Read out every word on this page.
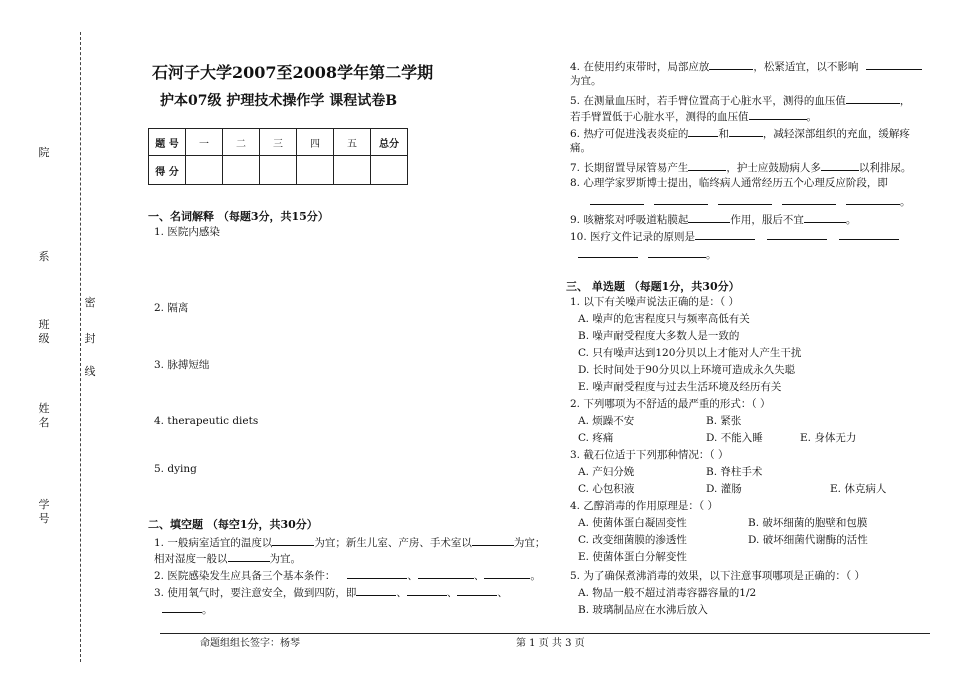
院
系
班级
姓名
学号
密
封
线
石河子大学2007至2008学年第二学期
护本07级 护理技术操作学 课程试卷B
题 号	一	二	三	四	五	总分
得 分						
一、名词解释 （每题3分，共15分）
1. 医院内感染
2. 隔离
3. 脉搏短绌
4. therapeutic diets
5. dying
二、填空题 （每空1分，共30分）
1. 一般病室适宜的温度以	为宜；新生儿室、产房、手术室以	为宜；
相对湿度一般以	为宜。
2. 医院感染发生应具备三个基本条件：	、	、	。
3. 使用氧气时，要注意安全，做到四防，即	、	、	、
。
4. 在使用约束带时，局部应放	，松紧适宜，以不影响
为宜。
5. 在测量血压时，若手臂位置高于心脏水平，测得的血压值	，
若手臂置低于心脏水平，测得的血压值	。
6. 热疗可促进浅表炎症的	和	，减轻深部组织的充血，缓解疼
痛。
7. 长期留置导尿管易产生	，护士应鼓励病人多	以利排尿。
8. 心理学家罗斯博士提出，临终病人通常经历五个心理反应阶段，即
。
9. 咳糖浆对呼吸道粘膜起	作用，服后不宜	。
10. 医疗文件记录的原则是
。
三、 单选题 （每题1分，共30分）
1. 以下有关噪声说法正确的是：（ ）
A. 噪声的危害程度只与频率高低有关
B. 噪声耐受程度大多数人是一致的
C. 只有噪声达到120分贝以上才能对人产生干扰
D. 长时间处于90分贝以上环境可造成永久失聪
E. 噪声耐受程度与过去生活环境及经历有关
2. 下列哪项为不舒适的最严重的形式：（ ）
A. 烦躁不安	B. 紧张
C. 疼痛	D. 不能入睡	E. 身体无力
3. 截石位适于下列那种情况：（ ）
A. 产妇分娩	B. 脊柱手术
C. 心包积液	D. 灌肠	E. 休克病人
4. 乙醇消毒的作用原理是：（ ）
A. 使菌体蛋白凝固变性	B. 破坏细菌的胞壁和包膜
C. 改变细菌膜的渗透性	D. 破坏细菌代谢酶的活性
E. 使菌体蛋白分解变性
5. 为了确保煮沸消毒的效果，以下注意事项哪项是正确的：（ ）
A. 物品一般不超过消毒容器容量的1/2
B. 玻璃制品应在水沸后放入
命题组组长签字：杨琴	第 1 页 共 3 页
